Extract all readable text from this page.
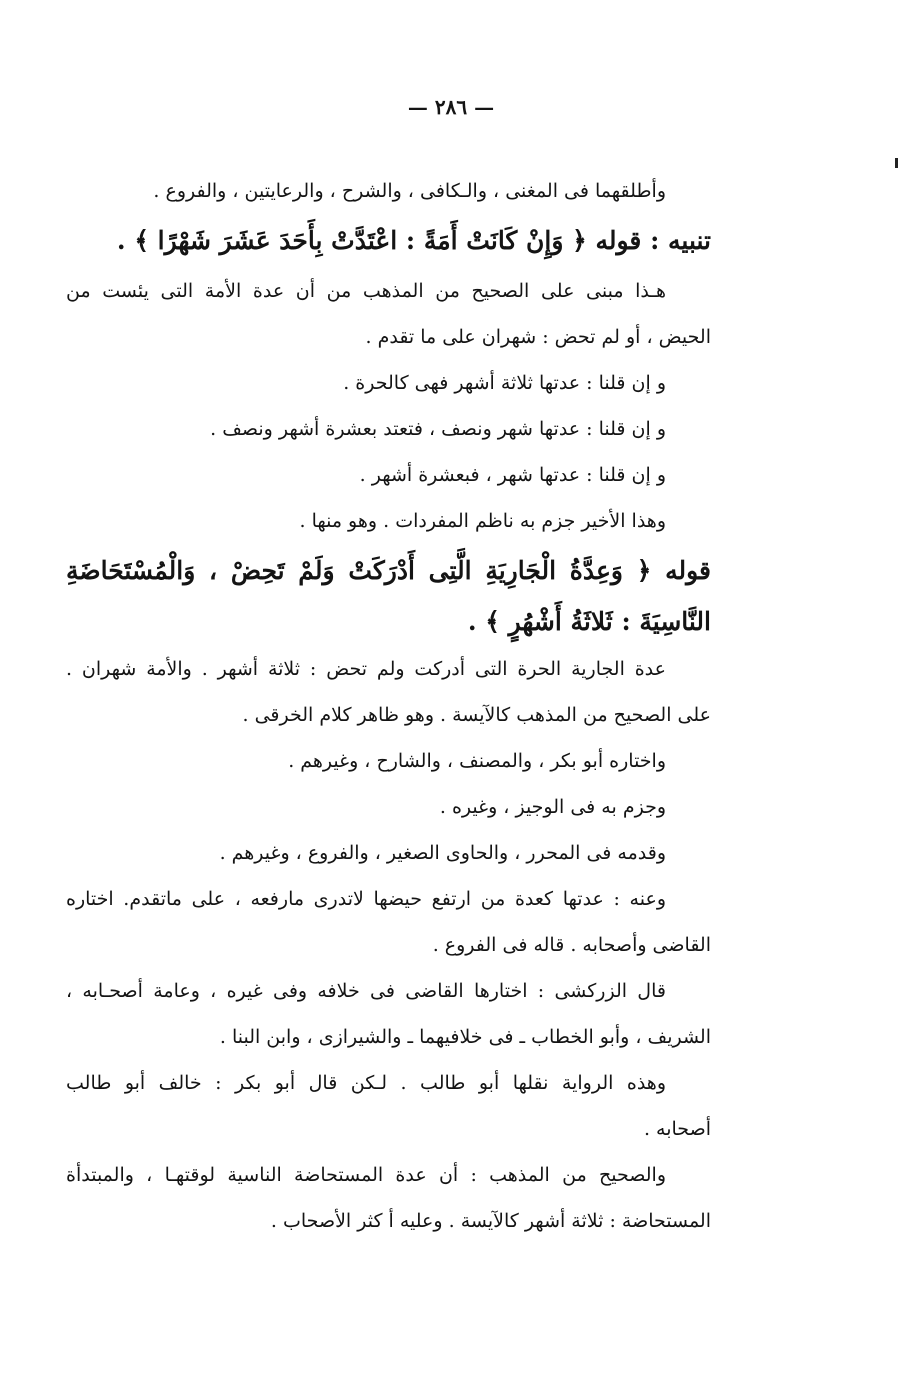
— ٢٨٦ —
وأطلقهما فى المغنى ، والـكافى ، والشرح ، والرعايتين ، والفروع .
تنبيه : قوله ﴿ وَإِنْ كَانَتْ أَمَةً : اعْتَدَّتْ بِأَحَدَ عَشَرَ شَهْرًا ﴾ .
هـذا مبنى على الصحيح من المذهب من أن عدة الأمة التى يئست من
الحيض ، أو لم تحض : شهران على ما تقدم .
و إن قلنا : عدتها ثلاثة أشهر فهى كالحرة .
و إن قلنا : عدتها شهر ونصف ، فتعتد بعشرة أشهر ونصف .
و إن قلنا : عدتها شهر ، فبعشرة أشهر .
وهذا الأخير جزم به ناظم المفردات . وهو منها .
قوله ﴿ وَعِدَّةُ الْجَارِيَةِ الَّتِى أَدْرَكَتْ وَلَمْ تَحِضْ ، وَالْمُسْتَحَاضَةِ
النَّاسِيَةَ : ثَلاثَةُ أَشْهُرٍ ﴾ .
عدة الجارية الحرة التى أدركت ولم تحض : ثلاثة أشهر . والأمة شهران .
على الصحيح من المذهب كالآيسة . وهو ظاهر كلام الخرقى .
واختاره أبو بكر ، والمصنف ، والشارح ، وغيرهم .
وجزم به فى الوجيز ، وغيره .
وقدمه فى المحرر ، والحاوى الصغير ، والفروع ، وغيرهم .
وعنه : عدتها كعدة من ارتفع حيضها لاتدرى مارفعه ، على ماتقدم. اختاره
القاضى وأصحابه . قاله فى الفروع .
قال الزركشى : اختارها القاضى فى خلافه وفى غيره ، وعامة أصحـابه ،
الشريف ، وأبو الخطاب ـ فى خلافيهما ـ والشيرازى ، وابن البنا .
وهذه الرواية نقلها أبو طالب . لـكن قال أبو بكر : خالف أبو طالب
أصحابه .
والصحيح من المذهب : أن عدة المستحاضة الناسية لوقتهـا ، والمبتدأة
المستحاضة : ثلاثة أشهر كالآيسة . وعليه أ كثر الأصحاب .
